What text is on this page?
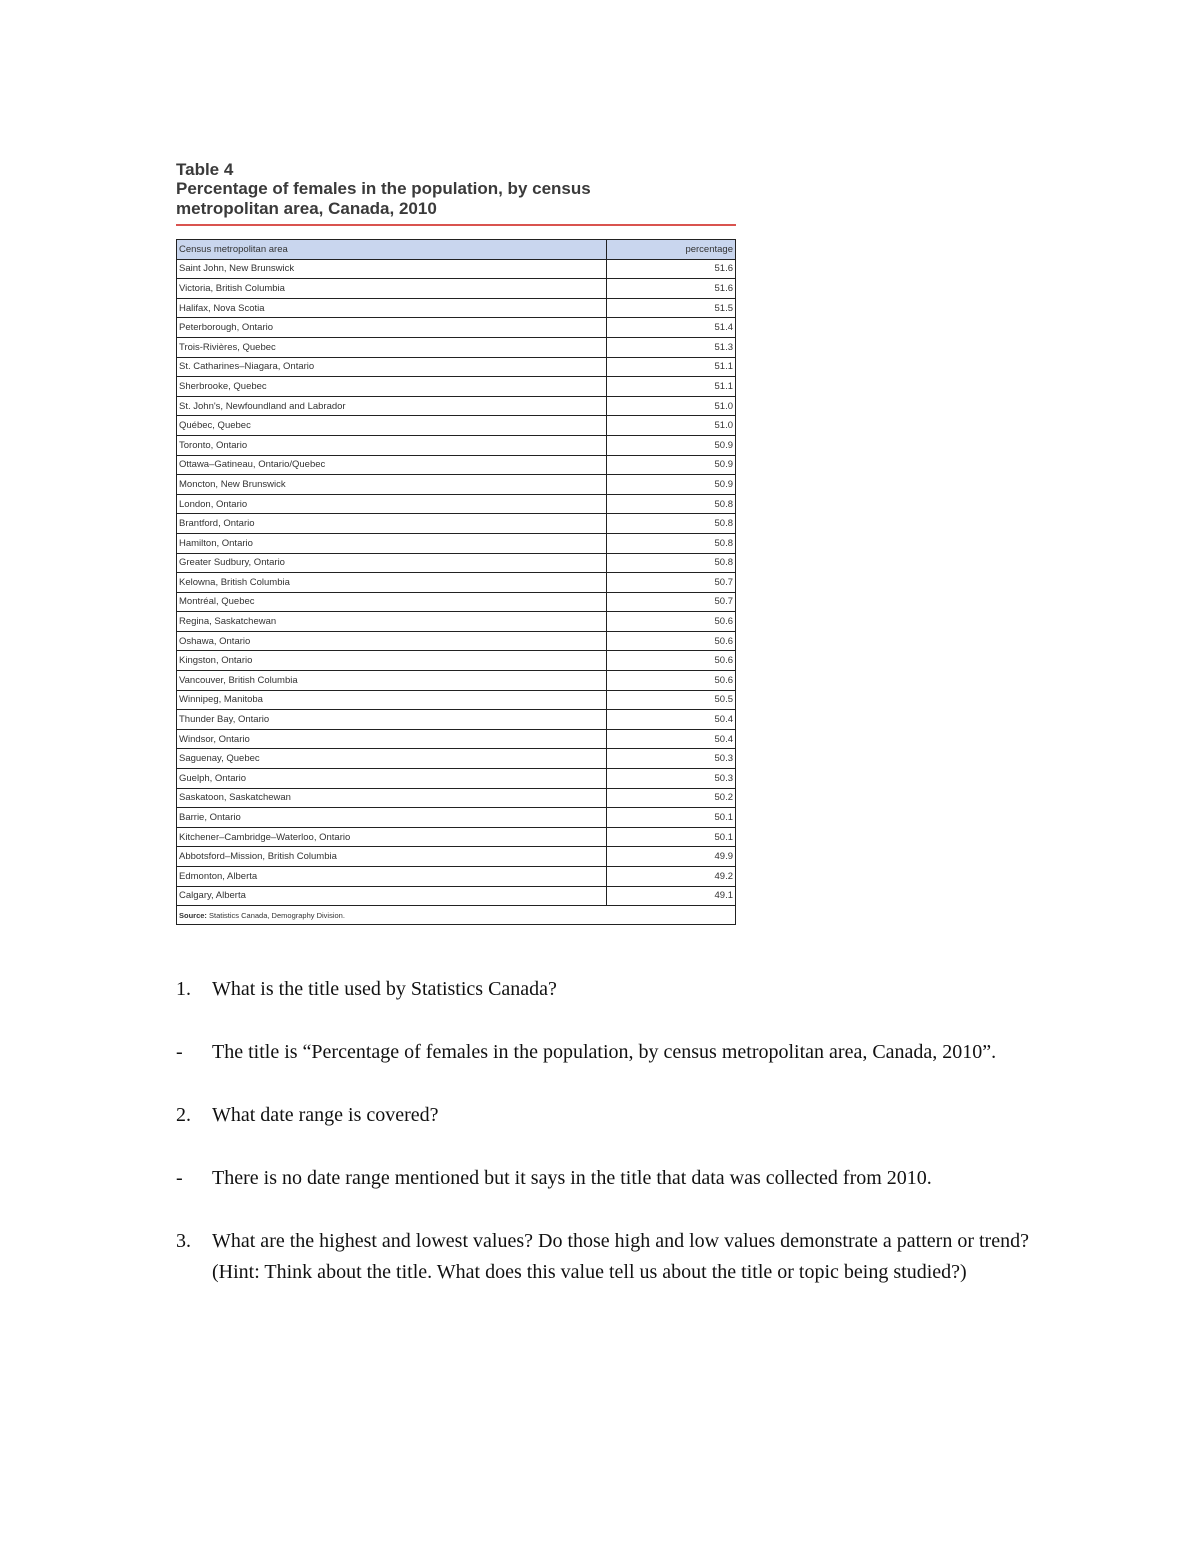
Table 4

Percentage of females in the population, by census

metropolitan area, Canada, 2010

Census metropolitan area	percentage
Saint John, New Brunswick	51.6
Victoria, British Columbia	51.6
Halifax, Nova Scotia	51.5
Peterborough, Ontario	51.4
Trois-Rivières, Quebec	51.3
St. Catharines–Niagara, Ontario	51.1
Sherbrooke, Quebec	51.1
St. John's, Newfoundland and Labrador	51.0
Québec, Quebec	51.0
Toronto, Ontario	50.9
Ottawa–Gatineau, Ontario/Quebec	50.9
Moncton, New Brunswick	50.9
London, Ontario	50.8
Brantford, Ontario	50.8
Hamilton, Ontario	50.8
Greater Sudbury, Ontario	50.8
Kelowna, British Columbia	50.7
Montréal, Quebec	50.7
Regina, Saskatchewan	50.6
Oshawa, Ontario	50.6
Kingston, Ontario	50.6
Vancouver, British Columbia	50.6
Winnipeg, Manitoba	50.5
Thunder Bay, Ontario	50.4
Windsor, Ontario	50.4
Saguenay, Quebec	50.3
Guelph, Ontario	50.3
Saskatoon, Saskatchewan	50.2
Barrie, Ontario	50.1
Kitchener–Cambridge–Waterloo, Ontario	50.1
Abbotsford–Mission, British Columbia	49.9
Edmonton, Alberta	49.2
Calgary, Alberta	49.1
Source: Statistics Canada, Demography Division.	
1. What is the title used by Statistics Canada?
- The title is “Percentage of females in the population, by census metropolitan area, Canada, 2010”.
2. What date range is covered?
- There is no date range mentioned but it says in the title that data was collected from 2010.
3. What are the highest and lowest values? Do those high and low values demonstrate a pattern or trend? (Hint: Think about the title. What does this value tell us about the title or topic being studied?)
